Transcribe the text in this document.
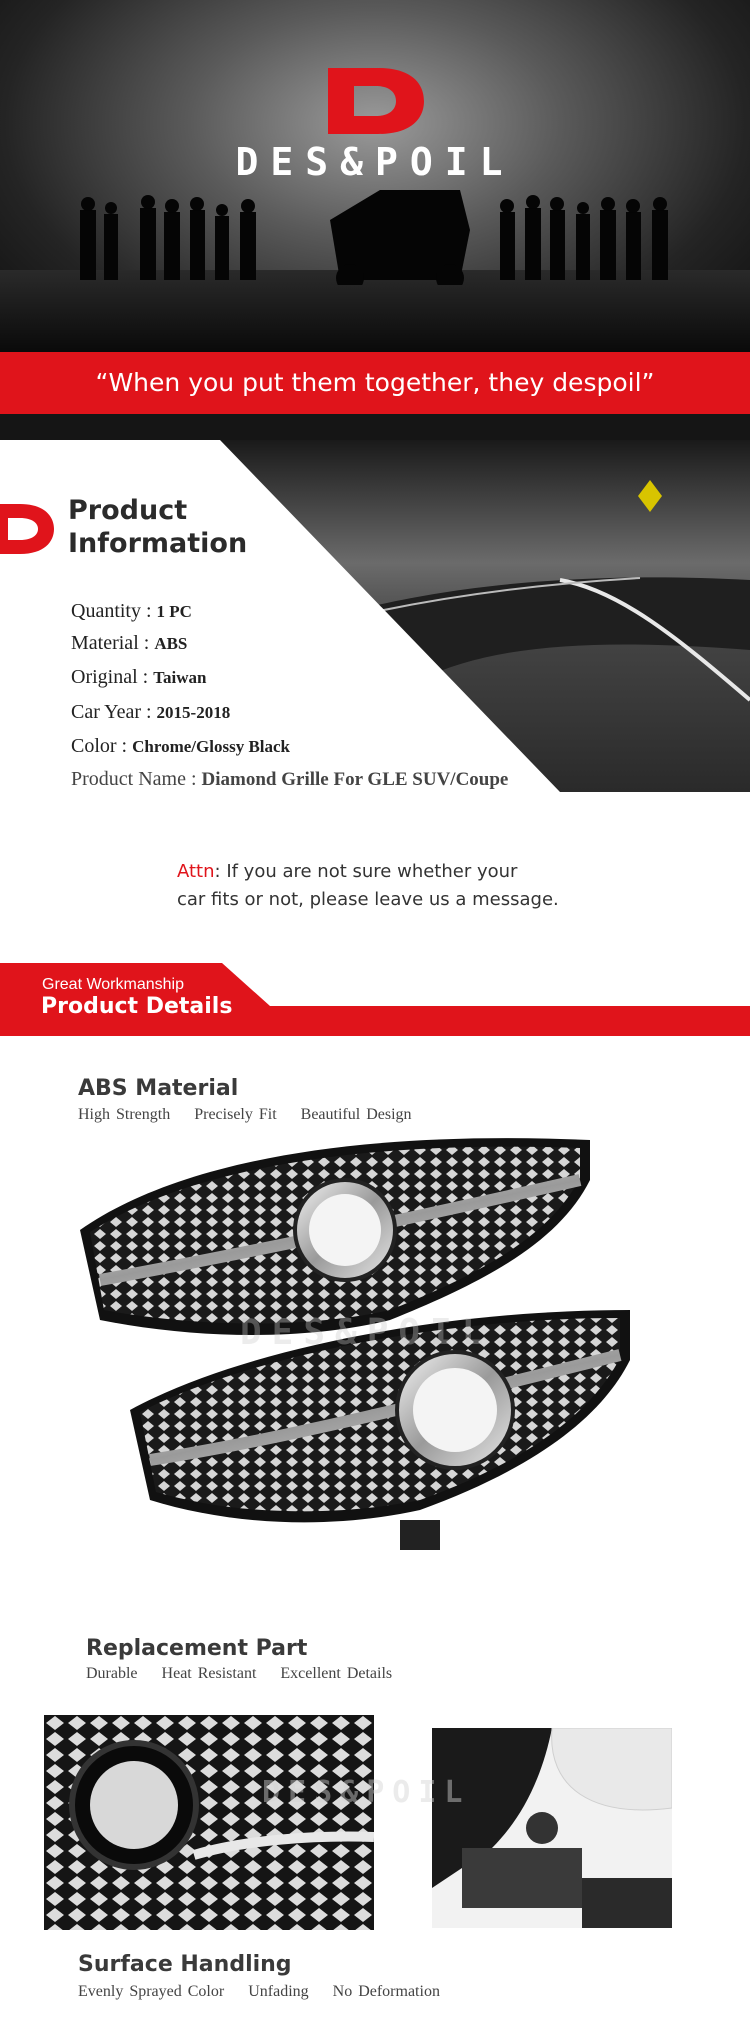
DES&POIL
“When you put them together, they despoil”
Product
Information
Quantity : 1 PC
Material : ABS
Original : Taiwan
Car Year : 2015-2018
Color : Chrome/Glossy Black
Product Name : Diamond Grille For GLE SUV/Coupe
Attn: If you are not sure whether your
car fits or not, please leave us a message.
Great Workmanship
Product Details
ABS Material
High Strength Precisely Fit Beautiful Design
DES&POIL
Replacement Part
Durable Heat Resistant Excellent Details
DES&POIL
Surface Handling
Evenly Sprayed Color Unfading No Deformation
